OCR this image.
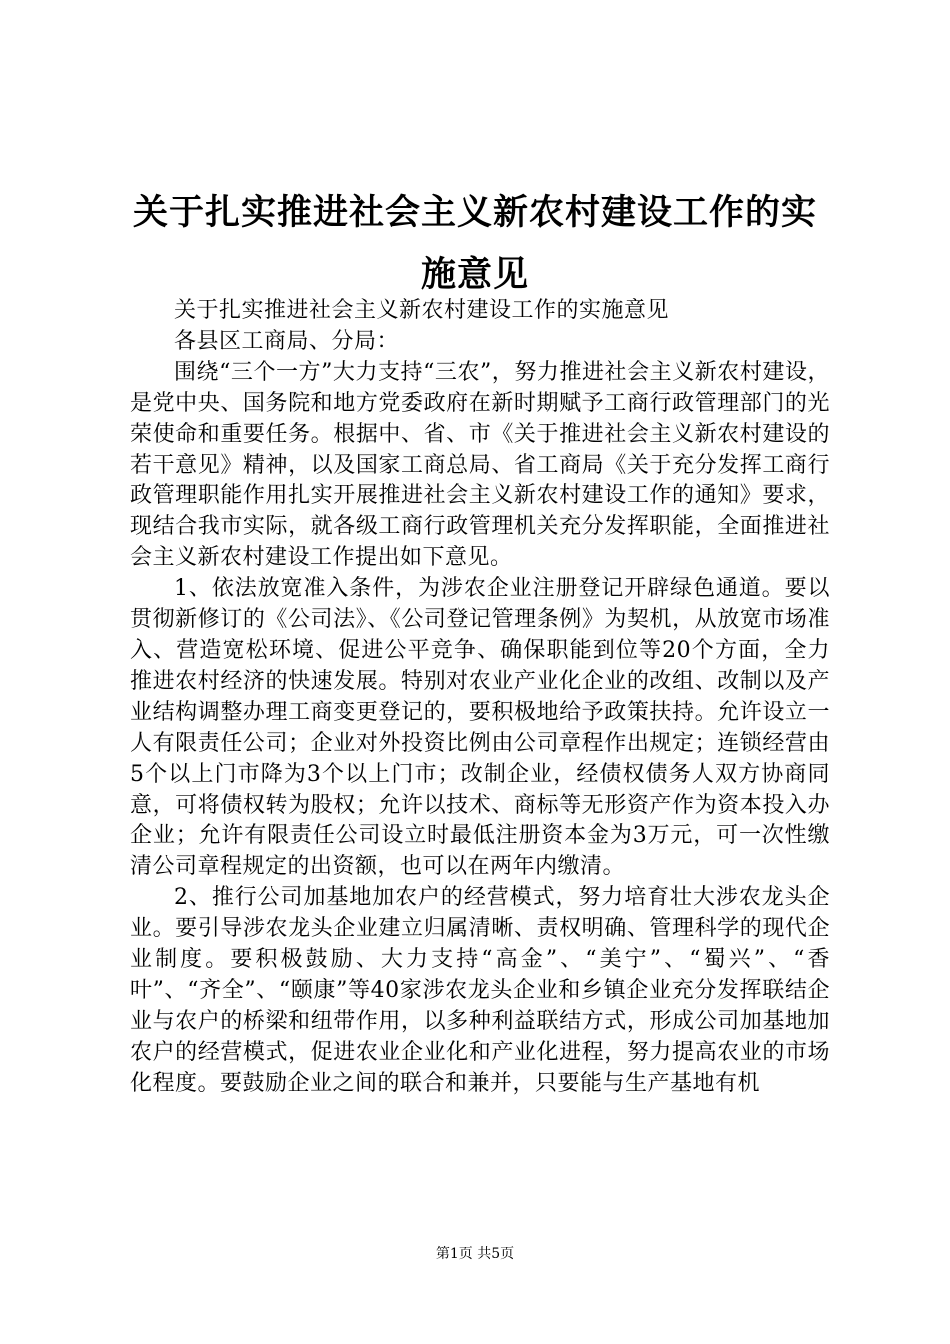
关于扎实推进社会主义新农村建设工作的实施意见

关于扎实推进社会主义新农村建设工作的实施意见

各县区工商局、分局：

围绕“三个一方”大力支持“三农”，努力推进社会主义新农村建设，是党中央、国务院和地方党委政府在新时期赋予工商行政管理部门的光荣使命和重要任务。根据中、省、市《关于推进社会主义新农村建设的若干意见》精神，以及国家工商总局、省工商局《关于充分发挥工商行政管理职能作用扎实开展推进社会主义新农村建设工作的通知》要求，现结合我市实际，就各级工商行政管理机关充分发挥职能，全面推进社会主义新农村建设工作提出如下意见。

1、依法放宽准入条件，为涉农企业注册登记开辟绿色通道。要以贯彻新修订的《公司法》、《公司登记管理条例》为契机，从放宽市场准入、营造宽松环境、促进公平竞争、确保职能到位等20个方面，全力推进农村经济的快速发展。特别对农业产业化企业的改组、改制以及产业结构调整办理工商变更登记的，要积极地给予政策扶持。允许设立一人有限责任公司；企业对外投资比例由公司章程作出规定；连锁经营由5个以上门市降为3个以上门市；改制企业，经债权债务人双方协商同意，可将债权转为股权；允许以技术、商标等无形资产作为资本投入办企业；允许有限责任公司设立时最低注册资本金为3万元，可一次性缴清公司章程规定的出资额，也可以在两年内缴清。

2、推行公司加基地加农户的经营模式，努力培育壮大涉农龙头企业。要引导涉农龙头企业建立归属清晰、责权明确、管理科学的现代企业制度。要积极鼓励、大力支持“高金”、“美宁”、“蜀兴”、“香叶”、“齐全”、“颐康”等40家涉农龙头企业和乡镇企业充分发挥联结企业与农户的桥梁和纽带作用，以多种利益联结方式，形成公司加基地加农户的经营模式，促进农业企业化和产业化进程，努力提高农业的市场化程度。要鼓励企业之间的联合和兼并，只要能与生产基地有机

第1页 共5页
